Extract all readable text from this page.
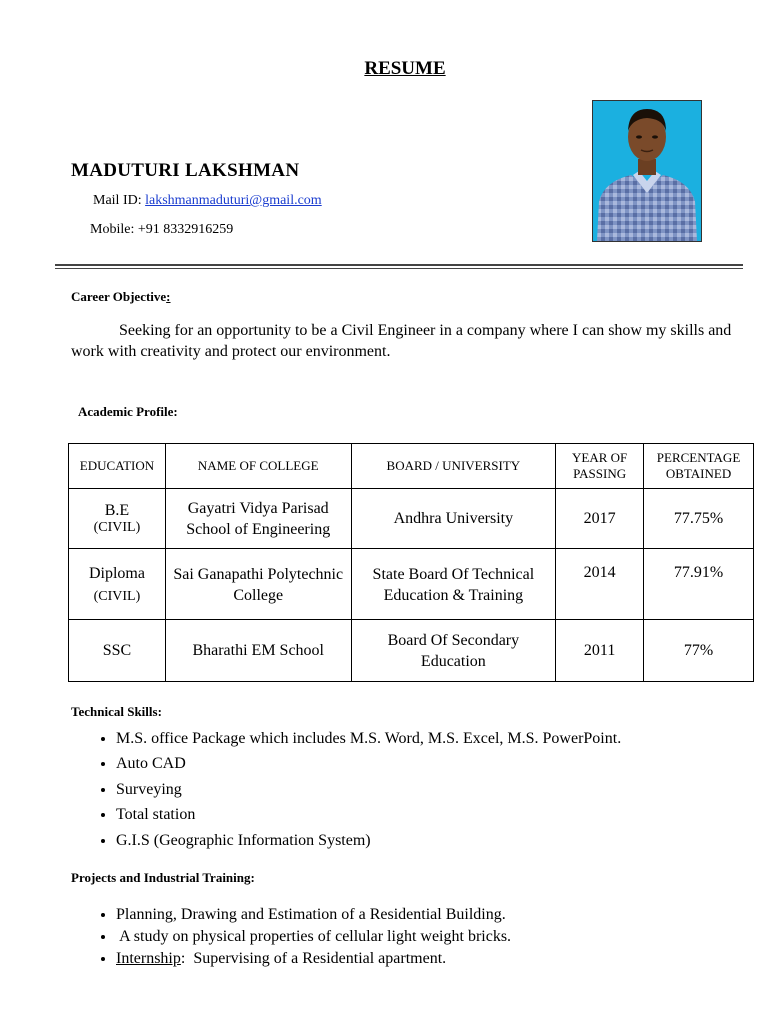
RESUME
MADUTURI LAKSHMAN
Mail ID: lakshmanmaduturi@gmail.com
Mobile: +91 8332916259
Career Objective:
Seeking for an opportunity to be a Civil Engineer in a company where I can show my skills and work with creativity and protect our environment.
Academic Profile:
EDUCATION	NAME OF COLLEGE	BOARD / UNIVERSITY	YEAR OF PASSING	PERCENTAGE OBTAINED

B.E
(CIVIL)	Gayatri Vidya Parisad School of Engineering	Andhra University	2017	77.75%

Diploma
(CIVIL)	Sai Ganapathi Polytechnic College	State Board Of Technical Education & Training	2014	77.91%

SSC	Bharathi EM School	Board Of Secondary Education	2011	77%
Technical Skills:
• M.S. office Package which includes M.S. Word, M.S. Excel, M.S. PowerPoint.
• Auto CAD
• Surveying
• Total station
• G.I.S (Geographic Information System)
Projects and Industrial Training:
• Planning, Drawing and Estimation of a Residential Building.
•  A study on physical properties of cellular light weight bricks.
• Internship:  Supervising of a Residential apartment.
